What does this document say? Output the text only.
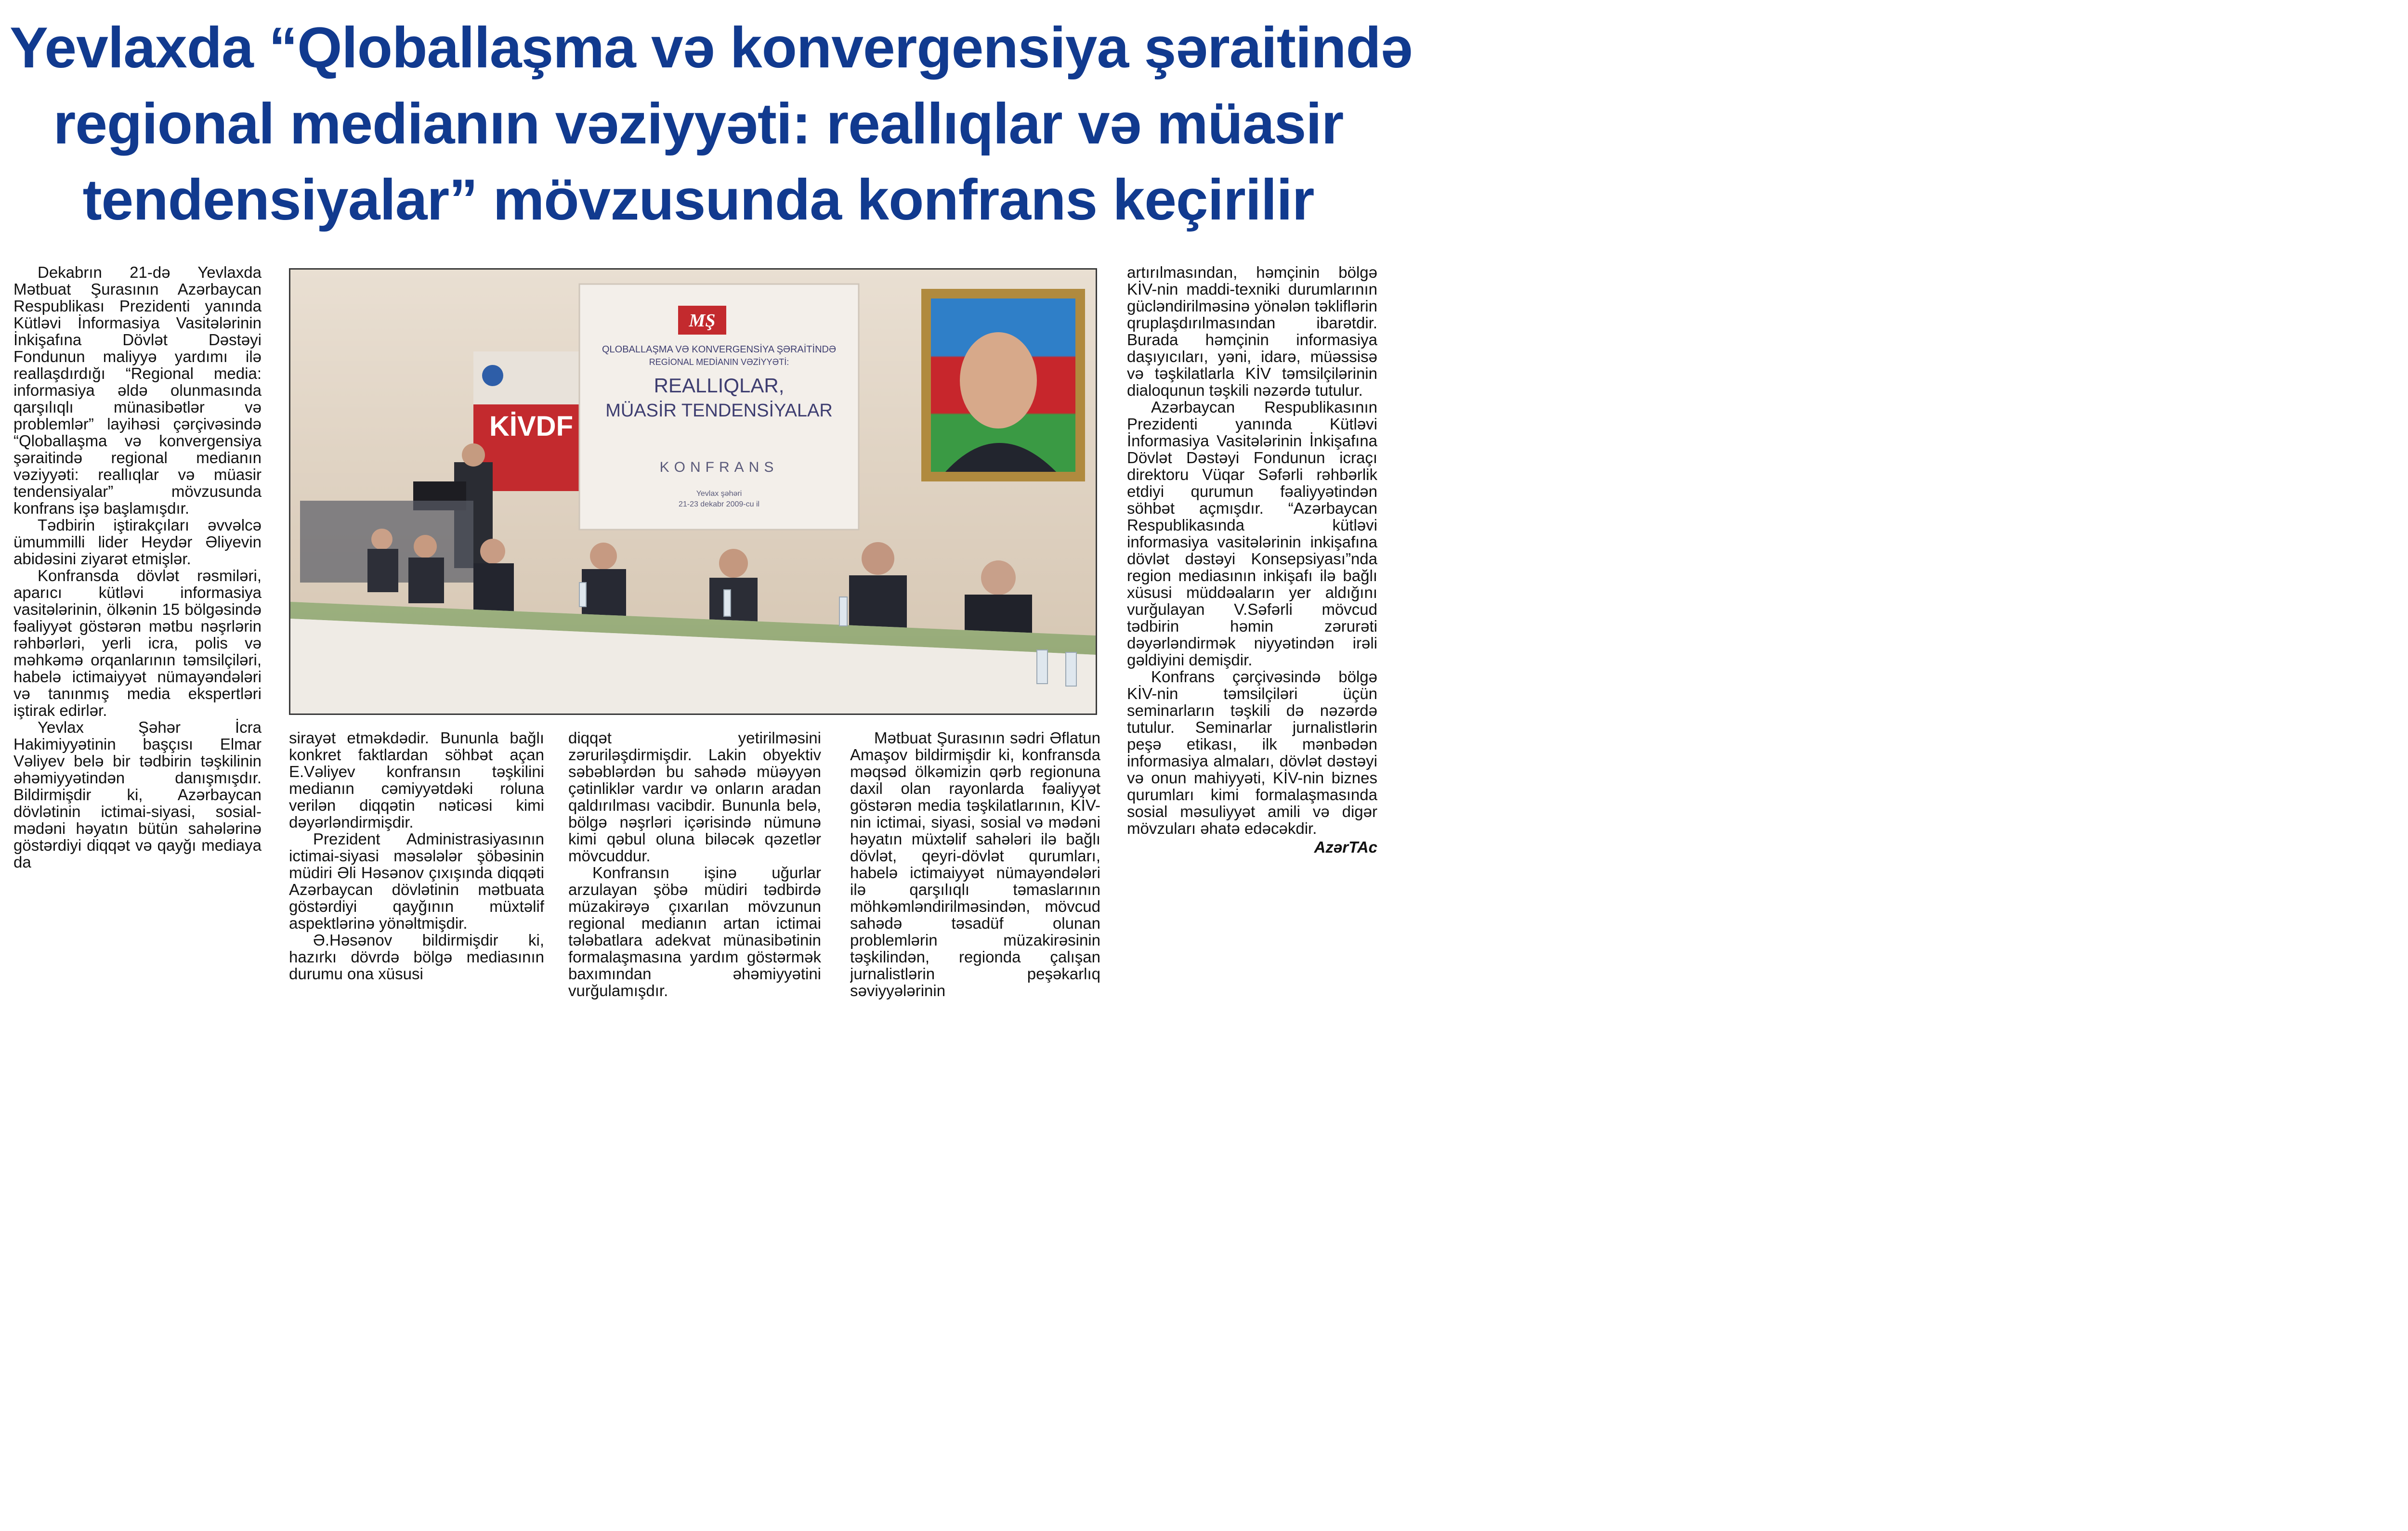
Yevlaxda “Qloballaşma və konvergensiya şəraitində
regional medianın vəziyyəti: reallıqlar və müasir
tendensiyalar” mövzusunda konfrans keçirilir

Dekabrın 21-də Yevlaxda Mətbuat Şurasının Azərbaycan Respublikası Prezidenti yanında Kütləvi İnformasiya Vasitələrinin İnkişafına Dövlət Dəstəyi Fondunun maliyyə yardımı ilə reallaşdırdığı “Regional media: informasiya əldə olunmasında qarşılıqlı münasibətlər və problemlər” layihəsi çərçivəsində “Qloballaşma və konvergensiya şəraitində regional medianın vəziyyəti: reallıqlar və müasir tendensiyalar” mövzusunda konfrans işə başlamışdır.

Tədbirin iştirakçıları əvvəlcə ümummilli lider Heydər Əliyevin abidəsini ziyarət etmişlər.

Konfransda dövlət rəsmiləri, aparıcı kütləvi informasiya vasitələrinin, ölkənin 15 bölgəsində fəaliyyət göstərən mətbu nəşrlərin rəhbərləri, yerli icra, polis və məhkəmə orqanlarının təmsilçiləri, habelə ictimaiyyət nümayəndələri və tanınmış media ekspertləri iştirak edirlər.

Yevlax Şəhər İcra Hakimiyyətinin başçısı Elmar Vəliyev belə bir tədbirin təşkilinin əhəmiyyətindən danışmışdır. Bildirmişdir ki, Azərbaycan dövlətinin ictimai-siyasi, sosial-mədəni həyatın bütün sahələrinə göstərdiyi diqqət və qayğı mediaya da

KİVDF
MŞ
QLOBALLAŞMA VƏ KONVERGENSİYA ŞƏRAİTİNDƏ
REGİONAL MEDİANIN VƏZİYYƏTİ:
REALLIQLAR,
MÜASİR TENDENSİYALAR
KONFRANS
Yevlax şəhəri
21-23 dekabr 2009-cu il

sirayət etməkdədir. Bununla bağlı konkret faktlardan söhbət açan E.Vəliyev konfransın təşkilini medianın cəmiyyətdəki roluna verilən diqqətin nəticəsi kimi dəyərləndirmişdir.

Prezident Administrasiyasının ictimai-siyasi məsələlər şöbəsinin müdiri Əli Həsənov çıxışında diqqəti Azərbaycan dövlətinin mətbuata göstərdiyi qayğının müxtəlif aspektlərinə yönəltmişdir.

Ə.Həsənov bildirmişdir ki, hazırkı dövrdə bölgə mediasının durumu ona xüsusi

diqqət yetirilməsini zəruriləşdirmişdir. Lakin obyektiv səbəblərdən bu sahədə müəyyən çətinliklər vardır və onların aradan qaldırılması vacibdir. Bununla belə, bölgə nəşrləri içərisində nümunə kimi qəbul oluna biləcək qəzetlər mövcuddur.

Konfransın işinə uğurlar arzulayan şöbə müdiri tədbirdə müzakirəyə çıxarılan mövzunun regional medianın artan ictimai tələbatlara adekvat münasibətinin formalaşmasına yardım göstərmək baxımından əhəmiyyətini vurğulamışdır.

Mətbuat Şurasının sədri Əflatun Amaşov bildirmişdir ki, konfransda məqsəd ölkəmizin qərb regionuna daxil olan rayonlarda fəaliyyət göstərən media təşkilatlarının, KİV-nin ictimai, siyasi, sosial və mədəni həyatın müxtəlif sahələri ilə bağlı dövlət, qeyri-dövlət qurumları, habelə ictimaiyyət nümayəndələri ilə qarşılıqlı təmaslarının möhkəmləndirilməsindən, mövcud sahədə təsadüf olunan problemlərin müzakirəsinin təşkilindən, regionda çalışan jurnalistlərin peşəkarlıq səviyyələrinin

artırılmasından, həmçinin bölgə KİV-nin maddi-texniki durumlarının gücləndirilməsinə yönələn təkliflərin qruplaşdırılmasından ibarətdir. Burada həmçinin informasiya daşıyıcıları, yəni, idarə, müəssisə və təşkilatlarla KİV təmsilçilərinin dialoqunun təşkili nəzərdə tutulur.

Azərbaycan Respublikasının Prezidenti yanında Kütləvi İnformasiya Vasitələrinin İnkişafına Dövlət Dəstəyi Fondunun icraçı direktoru Vüqar Səfərli rəhbərlik etdiyi qurumun fəaliyyətindən söhbət açmışdır. “Azərbaycan Respublikasında kütləvi informasiya vasitələrinin inkişafına dövlət dəstəyi Konsepsiyası”nda region mediasının inkişafı ilə bağlı xüsusi müddəaların yer aldığını vurğulayan V.Səfərli mövcud tədbirin həmin zərurəti dəyərləndirmək niyyətindən irəli gəldiyini demişdir.

Konfrans çərçivəsində bölgə KİV-nin təmsilçiləri üçün seminarların təşkili də nəzərdə tutulur. Seminarlar jurnalistlərin peşə etikası, ilk mənbədən informasiya almaları, dövlət dəstəyi və onun mahiyyəti, KİV-nin biznes qurumları kimi formalaşmasında sosial məsuliyyət amili və digər mövzuları əhatə edəcəkdir.

AzərTAc
